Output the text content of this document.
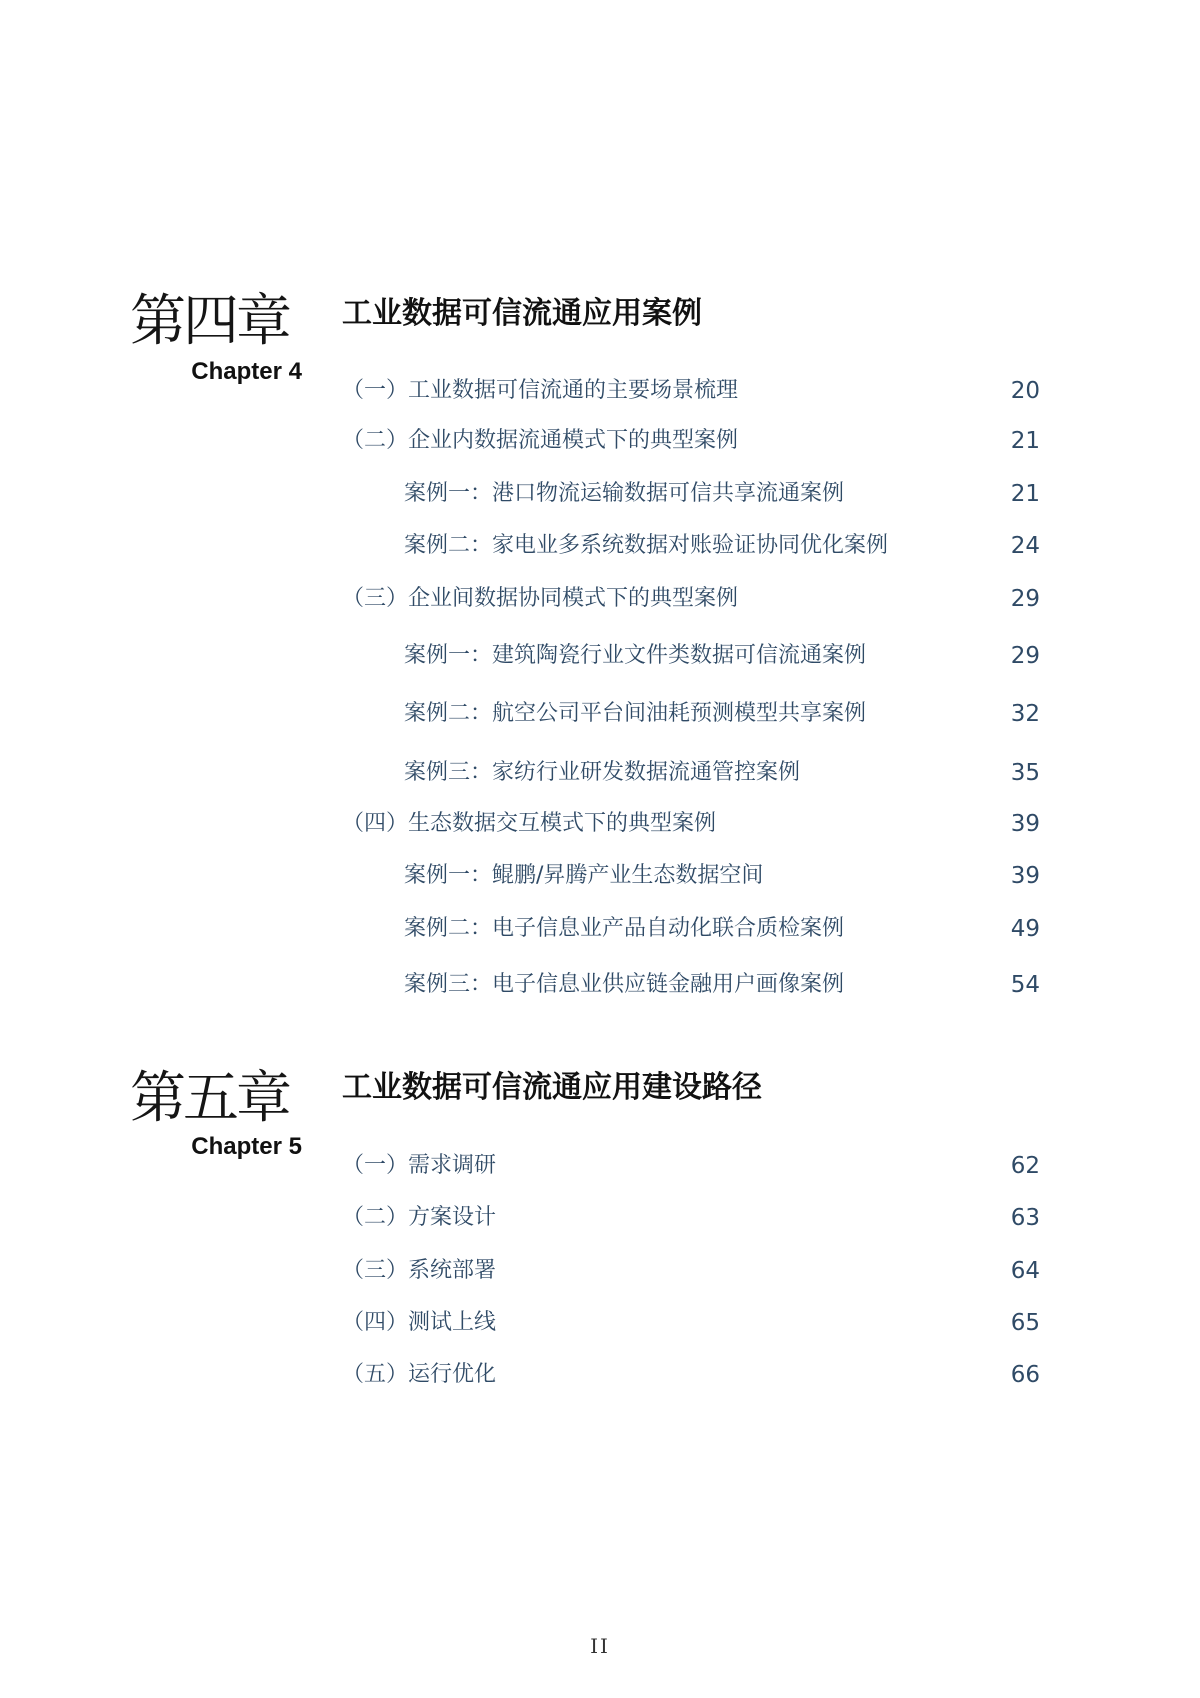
第四章
Chapter 4
工业数据可信流通应用案例
（一）工业数据可信流通的主要场景梳理	20
（二）企业内数据流通模式下的典型案例	21
案例一：港口物流运输数据可信共享流通案例	21
案例二：家电业多系统数据对账验证协同优化案例	24
（三）企业间数据协同模式下的典型案例	29
案例一：建筑陶瓷行业文件类数据可信流通案例	29
案例二：航空公司平台间油耗预测模型共享案例	32
案例三：家纺行业研发数据流通管控案例	35
（四）生态数据交互模式下的典型案例	39
案例一：鲲鹏/昇腾产业生态数据空间	39
案例二：电子信息业产品自动化联合质检案例	49
案例三：电子信息业供应链金融用户画像案例	54
第五章
Chapter 5
工业数据可信流通应用建设路径
（一）需求调研	62
（二）方案设计	63
（三）系统部署	64
（四）测试上线	65
（五）运行优化	66
II
